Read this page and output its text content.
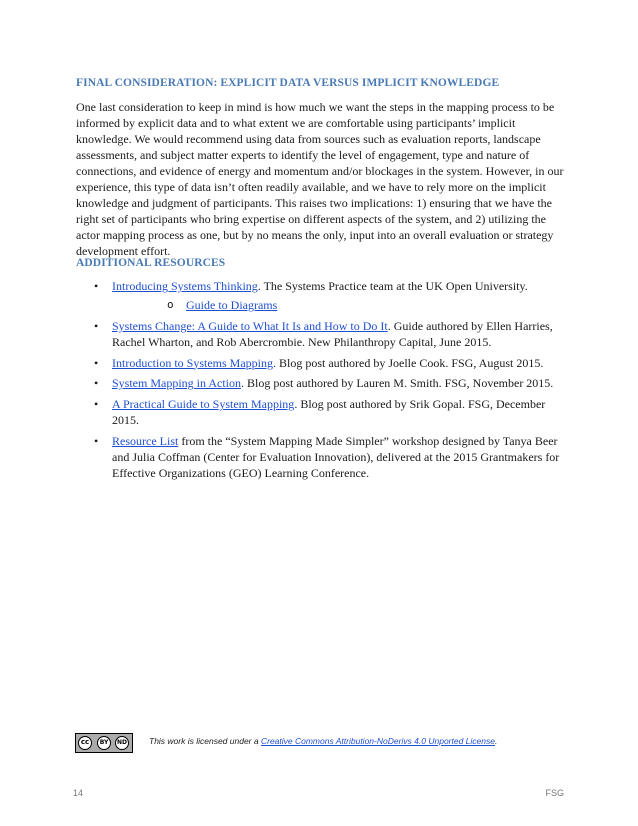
FINAL CONSIDERATION: EXPLICIT DATA VERSUS IMPLICIT KNOWLEDGE

One last consideration to keep in mind is how much we want the steps in the mapping process to be informed by explicit data and to what extent we are comfortable using participants’ implicit knowledge. We would recommend using data from sources such as evaluation reports, landscape assessments, and subject matter experts to identify the level of engagement, type and nature of connections, and evidence of energy and momentum and/or blockages in the system. However, in our experience, this type of data isn’t often readily available, and we have to rely more on the implicit knowledge and judgment of participants. This raises two implications: 1) ensuring that we have the right set of participants who bring expertise on different aspects of the system, and 2) utilizing the actor mapping process as one, but by no means the only, input into an overall evaluation or strategy development effort.

ADDITIONAL RESOURCES
• Introducing Systems Thinking. The Systems Practice team at the UK Open University.
o Guide to Diagrams
• Systems Change: A Guide to What It Is and How to Do It. Guide authored by Ellen Harries, Rachel Wharton, and Rob Abercrombie. New Philanthropy Capital, June 2015.
• Introduction to Systems Mapping. Blog post authored by Joelle Cook. FSG, August 2015.
• System Mapping in Action. Blog post authored by Lauren M. Smith. FSG, November 2015.
• A Practical Guide to System Mapping. Blog post authored by Srik Gopal. FSG, December 2015.
• Resource List from the “System Mapping Made Simpler” workshop designed by Tanya Beer and Julia Coffman (Center for Evaluation Innovation), delivered at the 2015 Grantmakers for Effective Organizations (GEO) Learning Conference.
cc	BY	ND	This work is licensed under a Creative Commons Attribution-NoDerivs 4.0 Unported License.
14	FSG
